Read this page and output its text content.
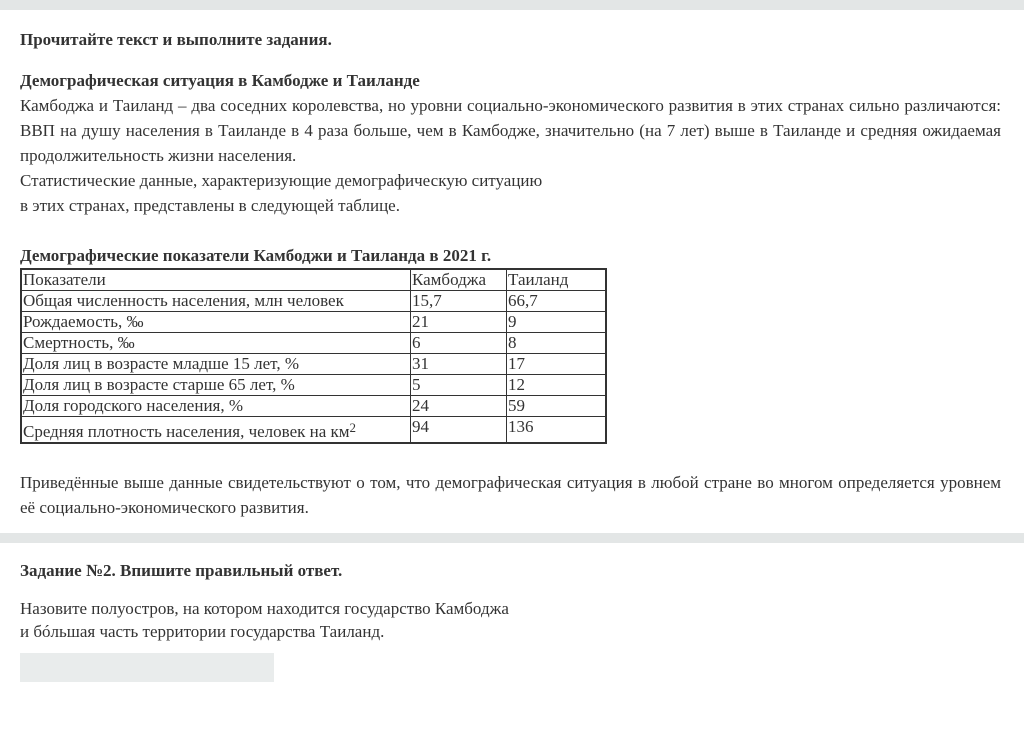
Прочитайте текст и выполните задания.
Демографическая ситуация в Камбодже и Таиланде

Камбоджа и Таиланд – два соседних королевства, но уровни социально-экономического развития в этих странах сильно различаются: ВВП на душу населения в Таиланде в 4 раза больше, чем в Камбодже, значительно (на 7 лет) выше в Таиланде и средняя ожидаемая продолжительность жизни населения.

Статистические данные, характеризующие демографическую ситуацию

в этих странах, представлены в следующей таблице.

Демографические показатели Камбоджи и Таиланда в 2021 г.
Показатели	Камбоджа	Таиланд
Общая численность населения, млн человек	15,7	66,7
Рождаемость, ‰	21	9
Смертность, ‰	6	8
Доля лиц в возрасте младше 15 лет, %	31	17
Доля лиц в возрасте старше 65 лет, %	5	12
Доля городского населения, %	24	59
Средняя плотность населения, человек на $км^2$	94	136

Приведённые выше данные свидетельствуют о том, что демографическая ситуация в любой стране во многом определяется уровнем её социально-экономического развития.

Задание №2. Впишите правильный ответ.

Назовите полуостров, на котором находится государство Камбоджа

и бóльшая часть территории государства Таиланд.
